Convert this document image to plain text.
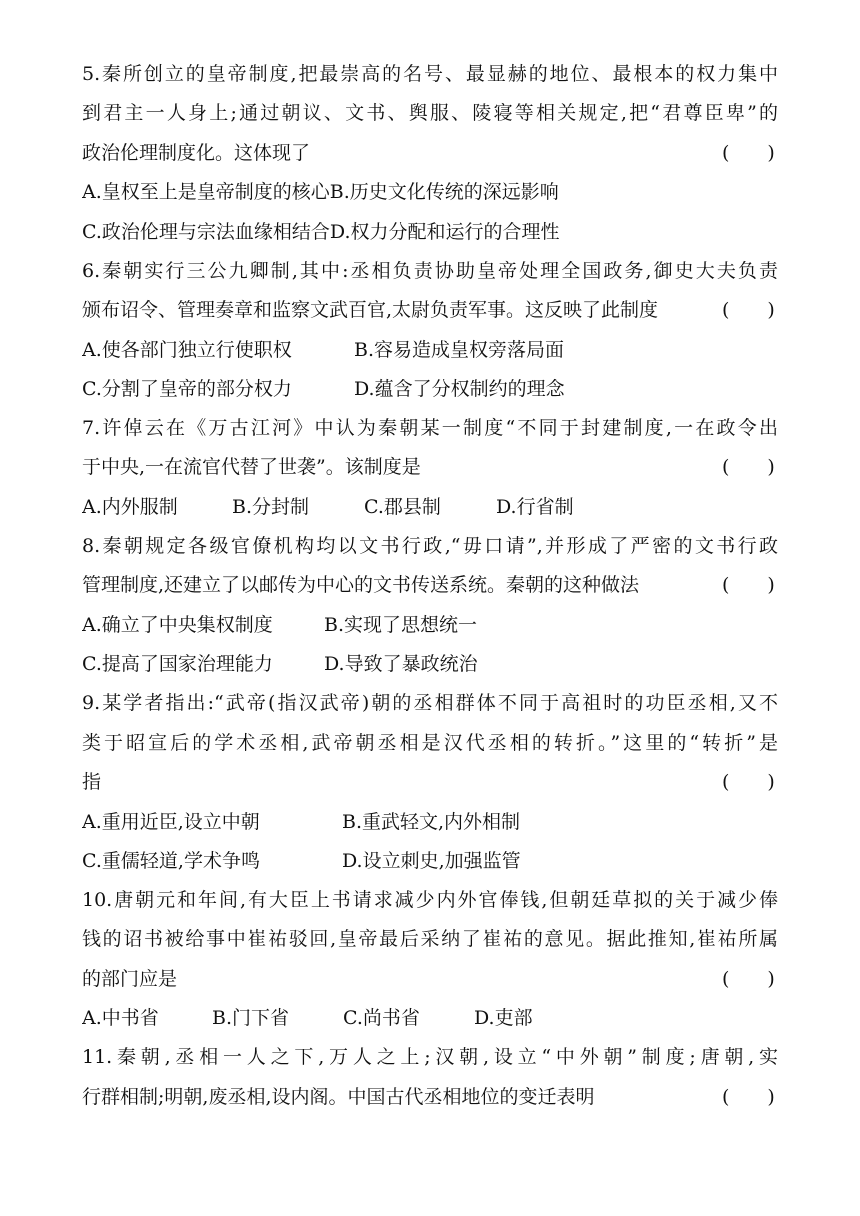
5.秦所创立的皇帝制度,把最崇高的名号、最显赫的地位、最根本的权力集中
到君主一人身上;通过朝议、文书、舆服、陵寝等相关规定,把“君尊臣卑”的
政治伦理制度化。这体现了	(　　)
A.皇权至上是皇帝制度的核心B.历史文化传统的深远影响
C.政治伦理与宗法血缘相结合D.权力分配和运行的合理性
6.秦朝实行三公九卿制,其中:丞相负责协助皇帝处理全国政务,御史大夫负责
颁布诏令、管理奏章和监察文武百官,太尉负责军事。这反映了此制度	(　　)
A.使各部门独立行使职权	B.容易造成皇权旁落局面
C.分割了皇帝的部分权力	D.蕴含了分权制约的理念
7.许倬云在《万古江河》中认为秦朝某一制度“不同于封建制度,一在政令出
于中央,一在流官代替了世袭”。该制度是	(　　)
A.内外服制	B.分封制	C.郡县制	D.行省制
8.秦朝规定各级官僚机构均以文书行政,“毋口请”,并形成了严密的文书行政
管理制度,还建立了以邮传为中心的文书传送系统。秦朝的这种做法	(　　)
A.确立了中央集权制度	B.实现了思想统一
C.提高了国家治理能力	D.导致了暴政统治
9.某学者指出:“武帝(指汉武帝)朝的丞相群体不同于高祖时的功臣丞相,又不
类于昭宣后的学术丞相,武帝朝丞相是汉代丞相的转折。”这里的“转折”是
指	(　　)
A.重用近臣,设立中朝	B.重武轻文,内外相制
C.重儒轻道,学术争鸣	D.设立刺史,加强监管
10.唐朝元和年间,有大臣上书请求减少内外官俸钱,但朝廷草拟的关于减少俸
钱的诏书被给事中崔祐驳回,皇帝最后采纳了崔祐的意见。据此推知,崔祐所属
的部门应是	(　　)
A.中书省	B.门下省	C.尚书省	D.吏部
11.秦朝,丞相一人之下,万人之上;汉朝,设立“中外朝”制度;唐朝,实
行群相制;明朝,废丞相,设内阁。中国古代丞相地位的变迁表明	(　　)
